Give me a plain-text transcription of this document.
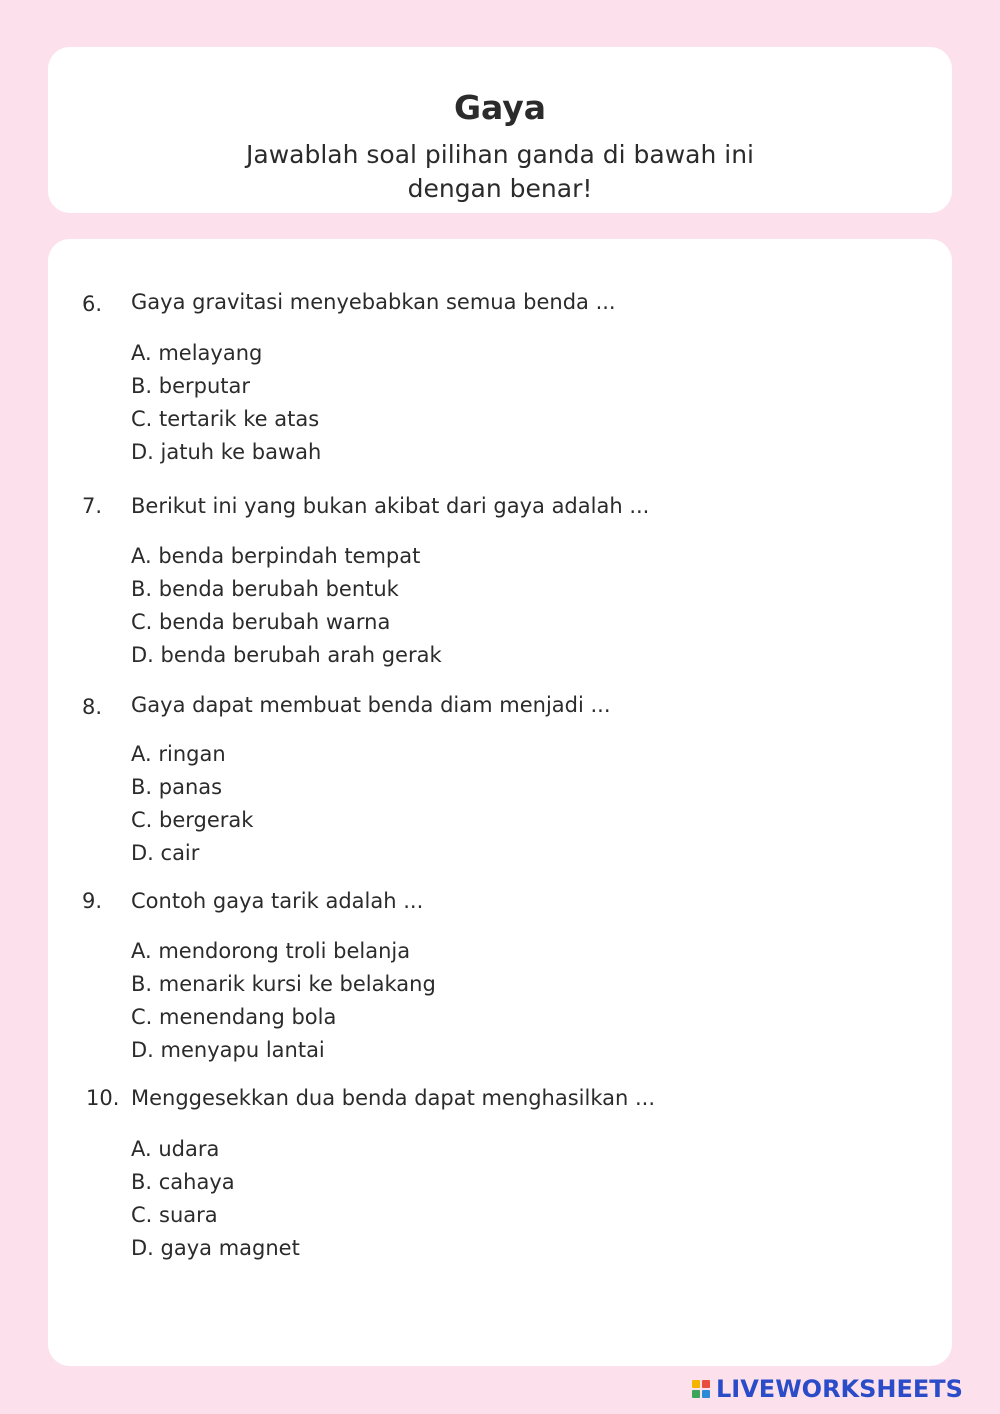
Gaya
Jawablah soal pilihan ganda di bawah ini
dengan benar!
6.	Gaya gravitasi menyebabkan semua benda ...
A. melayang
B. berputar
C. tertarik ke atas
D. jatuh ke bawah
7.	Berikut ini yang bukan akibat dari gaya adalah ...
A. benda berpindah tempat
B. benda berubah bentuk
C. benda berubah warna
D. benda berubah arah gerak
8.	Gaya dapat membuat benda diam menjadi ...
A. ringan
B. panas
C. bergerak
D. cair
9.	Contoh gaya tarik adalah ...
A. mendorong troli belanja
B. menarik kursi ke belakang
C. menendang bola
D. menyapu lantai
10. Menggesekkan dua benda dapat menghasilkan ...
A. udara
B. cahaya
C. suara
D. gaya magnet
LIVEWORKSHEETS
